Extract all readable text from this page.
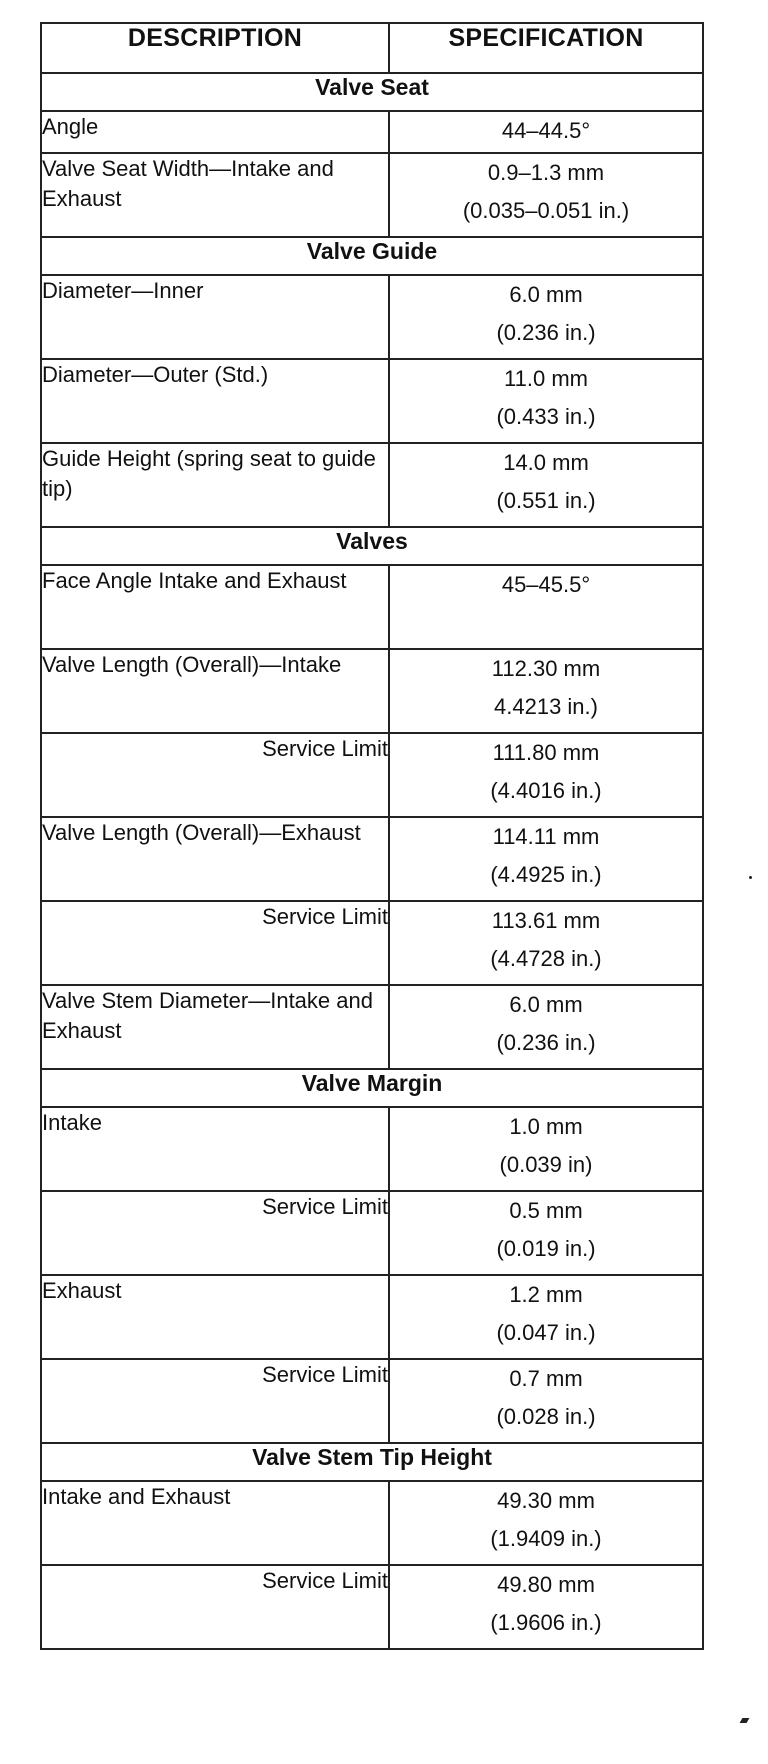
DESCRIPTION	SPECIFICATION
Valve Seat	
Angle	44–44.5°

Valve Seat Width—Intake and Exhaust	0.9–1.3 mm
(0.035–0.051 in.)

Valve Guide	
Diameter—Inner	6.0 mm
(0.236 in.)

Diameter—Outer (Std.)	11.0 mm
(0.433 in.)

Guide Height (spring seat to guide tip)	14.0 mm
(0.551 in.)

Valves	
Face Angle Intake and Exhaust	45–45.5°

Valve Length (Overall)—Intake	112.30 mm
4.4213 in.)

Service Limit	111.80 mm
(4.4016 in.)

Valve Length (Overall)—Exhaust	114.11 mm
(4.4925 in.)

Service Limit	113.61 mm
(4.4728 in.)

Valve Stem Diameter—Intake and Exhaust	6.0 mm
(0.236 in.)

Valve Margin	
Intake	1.0 mm
(0.039 in)

Service Limit	0.5 mm
(0.019 in.)

Exhaust	1.2 mm
(0.047 in.)

Service Limit	0.7 mm
(0.028 in.)

Valve Stem Tip Height	
Intake and Exhaust	49.30 mm
(1.9409 in.)

Service Limit	49.80 mm
(1.9606 in.)
